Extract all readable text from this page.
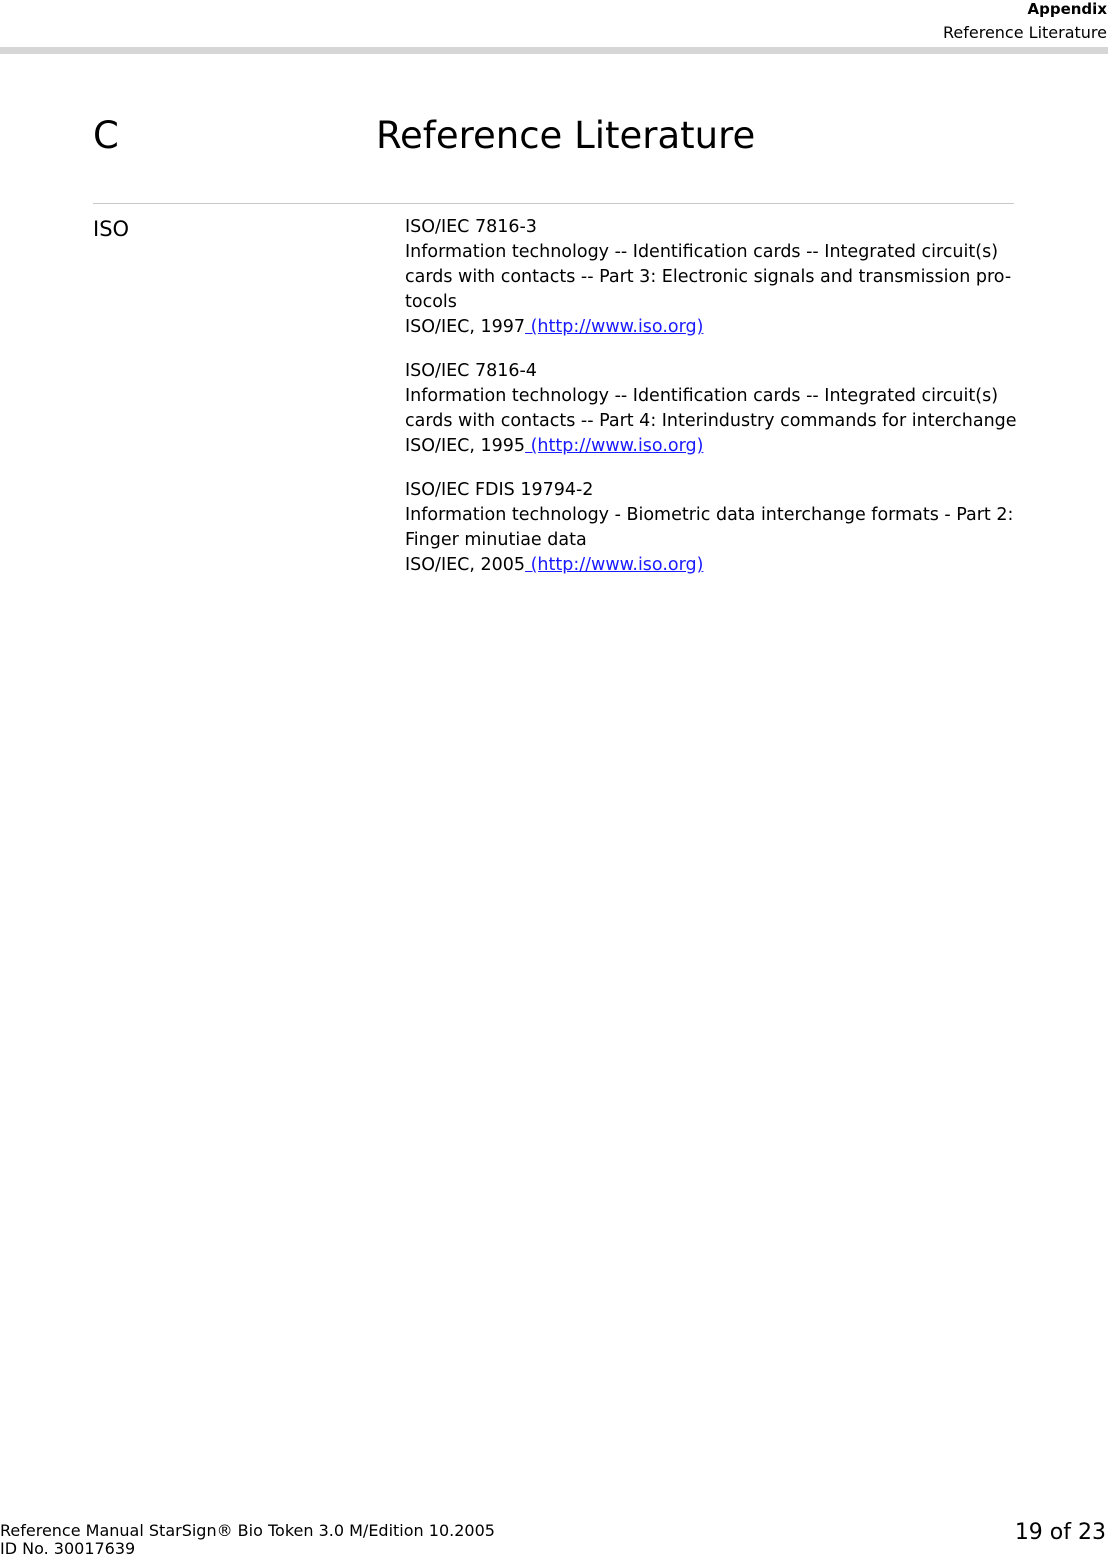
Appendix
Reference Literature
C	Reference Literature
ISO	ISO/IEC 7816-3
Information technology -- Identification cards -- Integrated circuit(s)
cards with contacts -- Part 3: Electronic signals and transmission pro-
tocols
ISO/IEC, 1997 (http://www.iso.org)
ISO/IEC 7816-4
Information technology -- Identification cards -- Integrated circuit(s)
cards with contacts -- Part 4: Interindustry commands for interchange
ISO/IEC, 1995 (http://www.iso.org)
ISO/IEC FDIS 19794-2
Information technology - Biometric data interchange formats - Part 2:
Finger minutiae data
ISO/IEC, 2005 (http://www.iso.org)
Reference Manual StarSign® Bio Token 3.0 M/Edition 10.2005
ID No. 30017639
19 of 23
